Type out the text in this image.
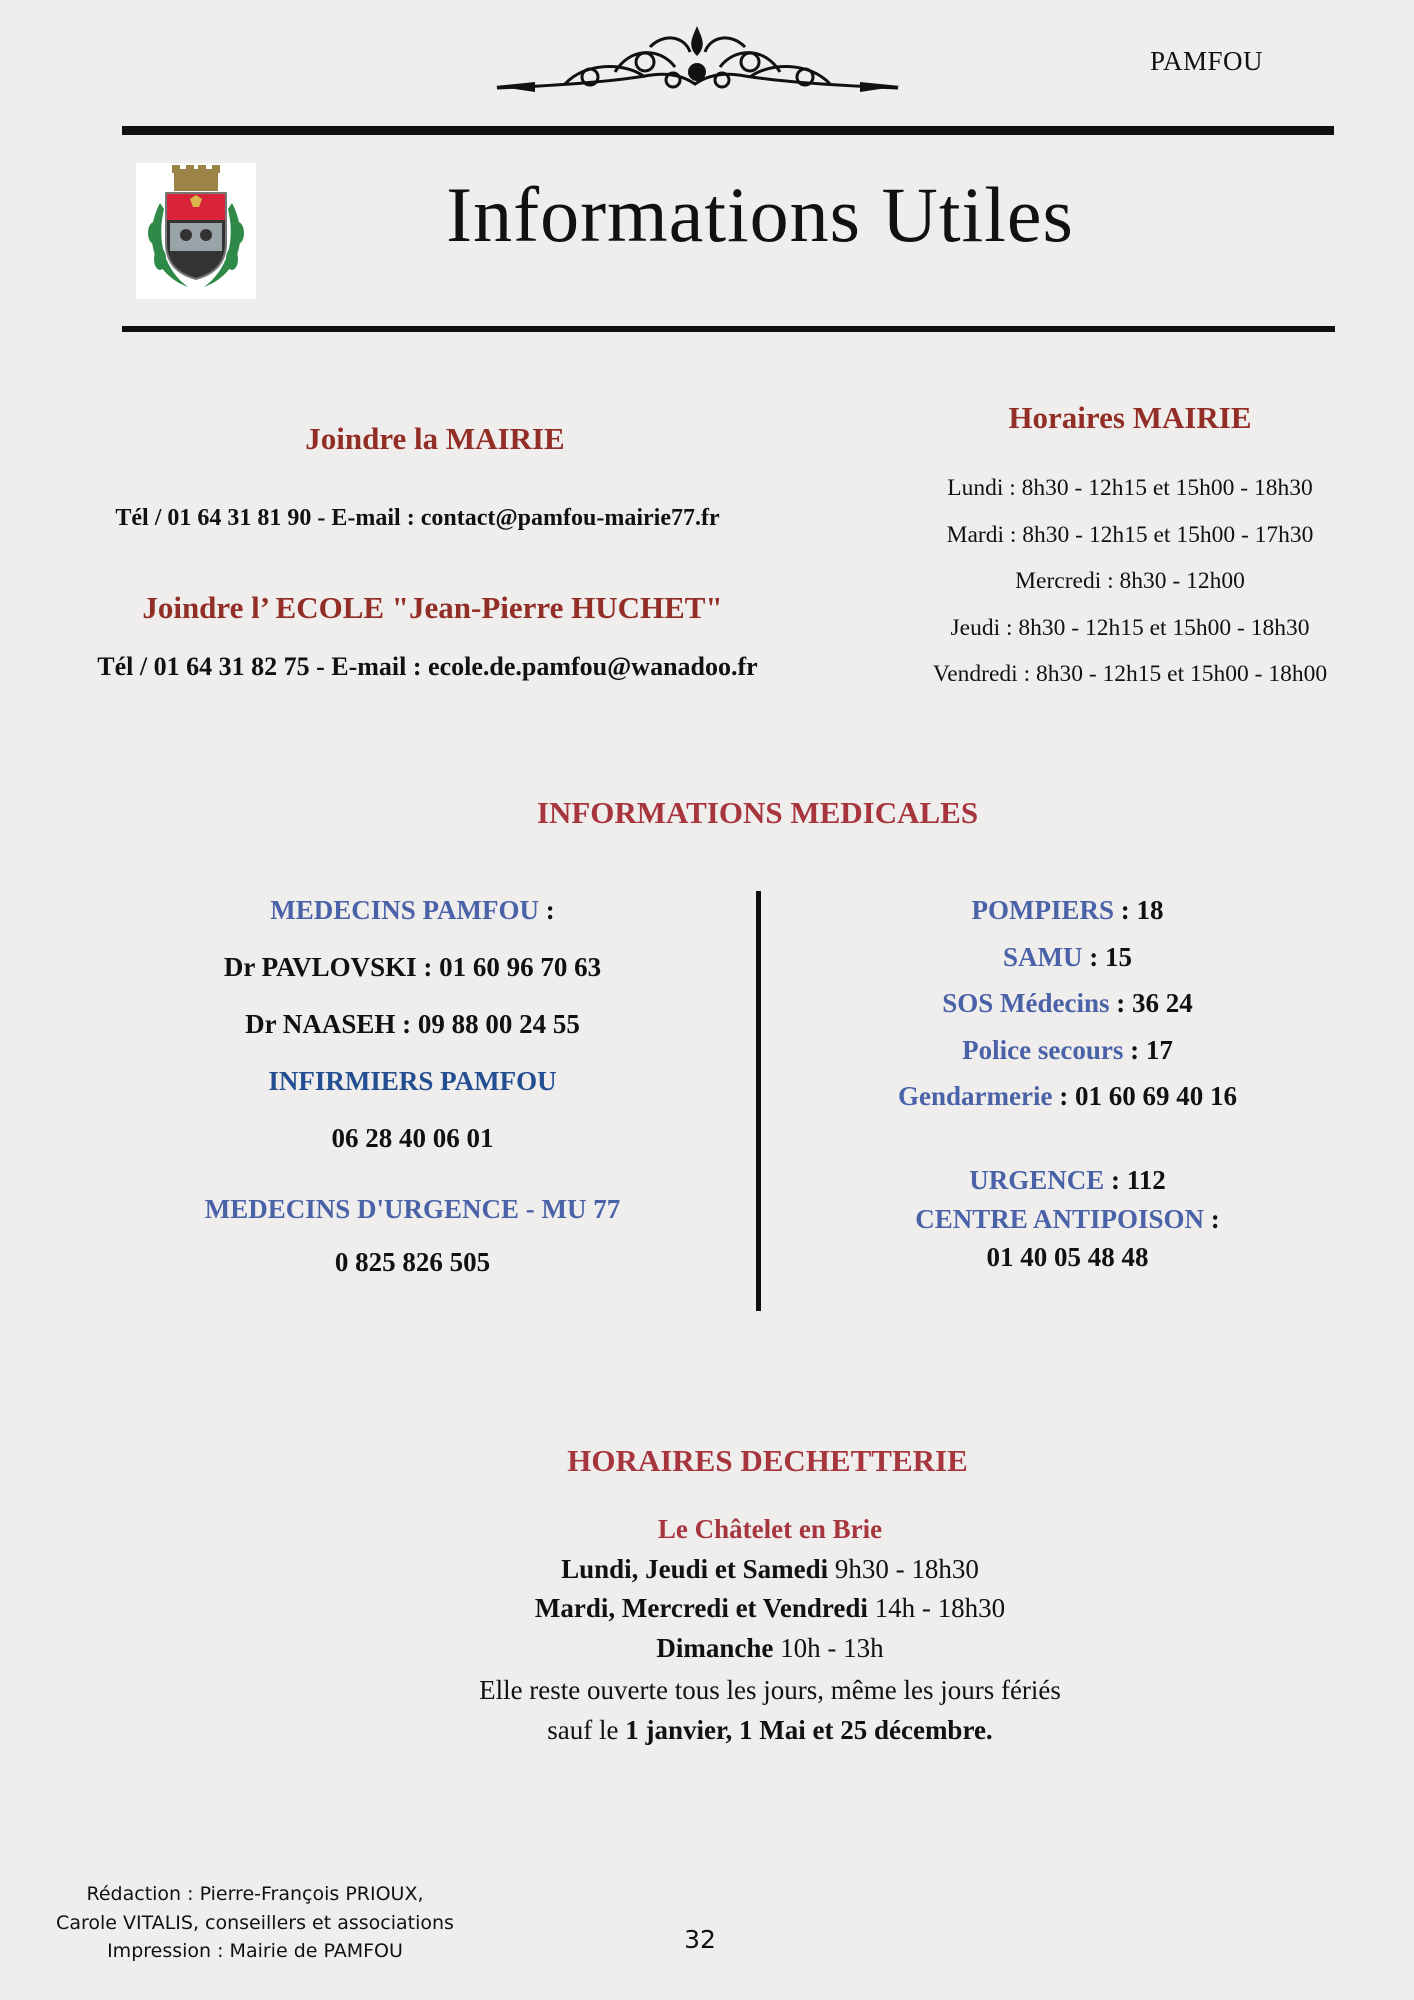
PAMFOU
Informations Utiles
Joindre la MAIRIE
Tél / 01 64 31 81 90 - E-mail : contact@pamfou-mairie77.fr
Joindre l’ ECOLE "Jean-Pierre HUCHET"
Tél / 01 64 31 82 75 - E-mail : ecole.de.pamfou@wanadoo.fr
Horaires MAIRIE
Lundi : 8h30 - 12h15 et 15h00 - 18h30
Mardi : 8h30 - 12h15 et 15h00 - 17h30
Mercredi : 8h30 - 12h00
Jeudi : 8h30 - 12h15 et 15h00 - 18h30
Vendredi : 8h30 - 12h15 et 15h00 - 18h00
INFORMATIONS MEDICALES
MEDECINS PAMFOU :
Dr PAVLOVSKI : 01 60 96 70 63
Dr NAASEH : 09 88 00 24 55
INFIRMIERS PAMFOU
06 28 40 06 01
MEDECINS D'URGENCE - MU 77
0 825 826 505
POMPIERS : 18
SAMU : 15
SOS Médecins : 36 24
Police secours : 17
Gendarmerie : 01 60 69 40 16
URGENCE : 112
CENTRE ANTIPOISON :
01 40 05 48 48
HORAIRES DECHETTERIE
Le Châtelet en Brie
Lundi, Jeudi et Samedi 9h30 - 18h30
Mardi, Mercredi et Vendredi 14h - 18h30
Dimanche 10h - 13h
Elle reste ouverte tous les jours, même les jours fériés
sauf le 1 janvier, 1 Mai et 25 décembre.
Rédaction : Pierre-François PRIOUX,
Carole VITALIS, conseillers et associations
Impression : Mairie de PAMFOU	32
